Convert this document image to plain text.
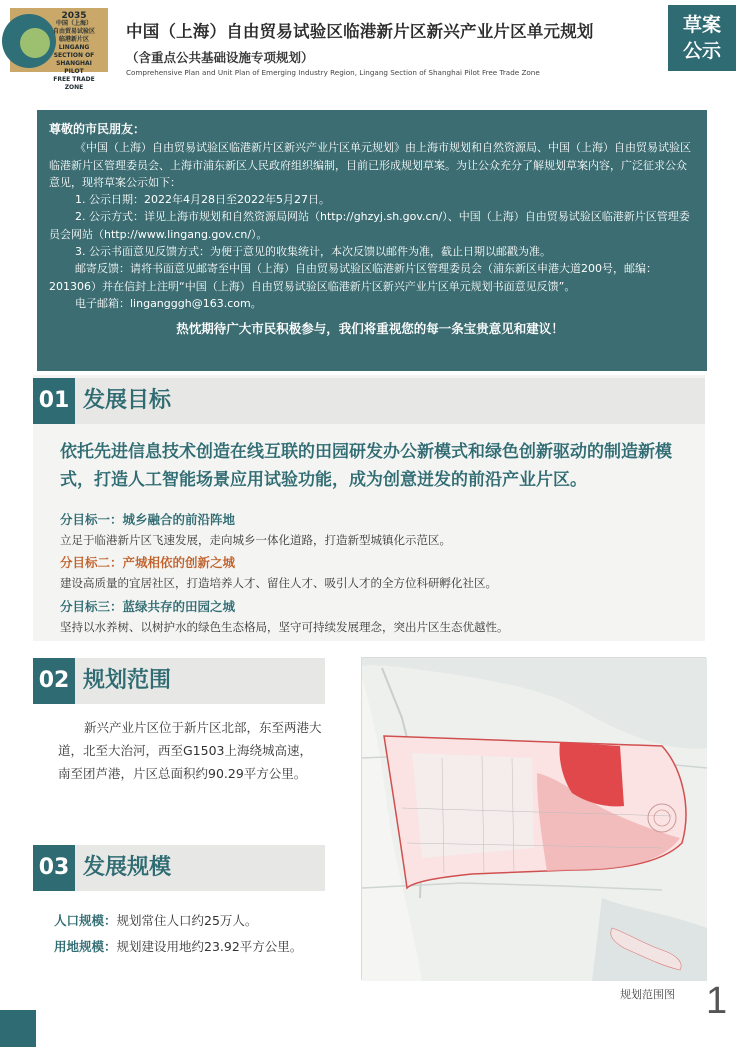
2035
中国（上海）
自由贸易试验区
临港新片区
LINGANG SECTION OF
SHANGHAI PILOT
FREE TRADE ZONE
中国（上海）自由贸易试验区临港新片区新兴产业片区单元规划
（含重点公共基础设施专项规划）
Comprehensive Plan and Unit Plan of Emerging Industry Region, Lingang Section of Shanghai Pilot Free Trade Zone
草案
公示
尊敬的市民朋友：

《中国（上海）自由贸易试验区临港新片区新兴产业片区单元规划》由上海市规划和自然资源局、中国（上海）自由贸易试验区临港新片区管理委员会、上海市浦东新区人民政府组织编制，目前已形成规划草案。为让公众充分了解规划草案内容，广泛征求公众意见，现将草案公示如下：

1. 公示日期：2022年4月28日至2022年5月27日。

2. 公示方式：详见上海市规划和自然资源局网站（http://ghzyj.sh.gov.cn/）、中国（上海）自由贸易试验区临港新片区管理委员会网站（http://www.lingang.gov.cn/）。

3. 公示书面意见反馈方式：为便于意见的收集统计，本次反馈以邮件为准，截止日期以邮戳为准。

邮寄反馈：请将书面意见邮寄至中国（上海）自由贸易试验区临港新片区管理委员会（浦东新区申港大道200号，邮编：201306）并在信封上注明“中国（上海）自由贸易试验区临港新片区新兴产业片区单元规划书面意见反馈”。

电子邮箱：lingangggh@163.com。
热忱期待广大市民积极参与，我们将重视您的每一条宝贵意见和建议！
01 发展目标
依托先进信息技术创造在线互联的田园研发办公新模式和绿色创新驱动的制造新模式，打造人工智能场景应用试验功能，成为创意迸发的前沿产业片区。
分目标一：城乡融合的前沿阵地
立足于临港新片区飞速发展，走向城乡一体化道路，打造新型城镇化示范区。
分目标二：产城相依的创新之城
建设高质量的宜居社区，打造培养人才、留住人才、吸引人才的全方位科研孵化社区。
分目标三：蓝绿共存的田园之城
坚持以水养树、以树护水的绿色生态格局，坚守可持续发展理念，突出片区生态优越性。
02 规划范围
新兴产业片区位于新片区北部，东至两港大道，北至大治河，西至G1503上海绕城高速，南至团芦港，片区总面积约90.29平方公里。
03 发展规模
人口规模：规划常住人口约25万人。
用地规模：规划建设用地约23.92平方公里。
规划范围图 1
